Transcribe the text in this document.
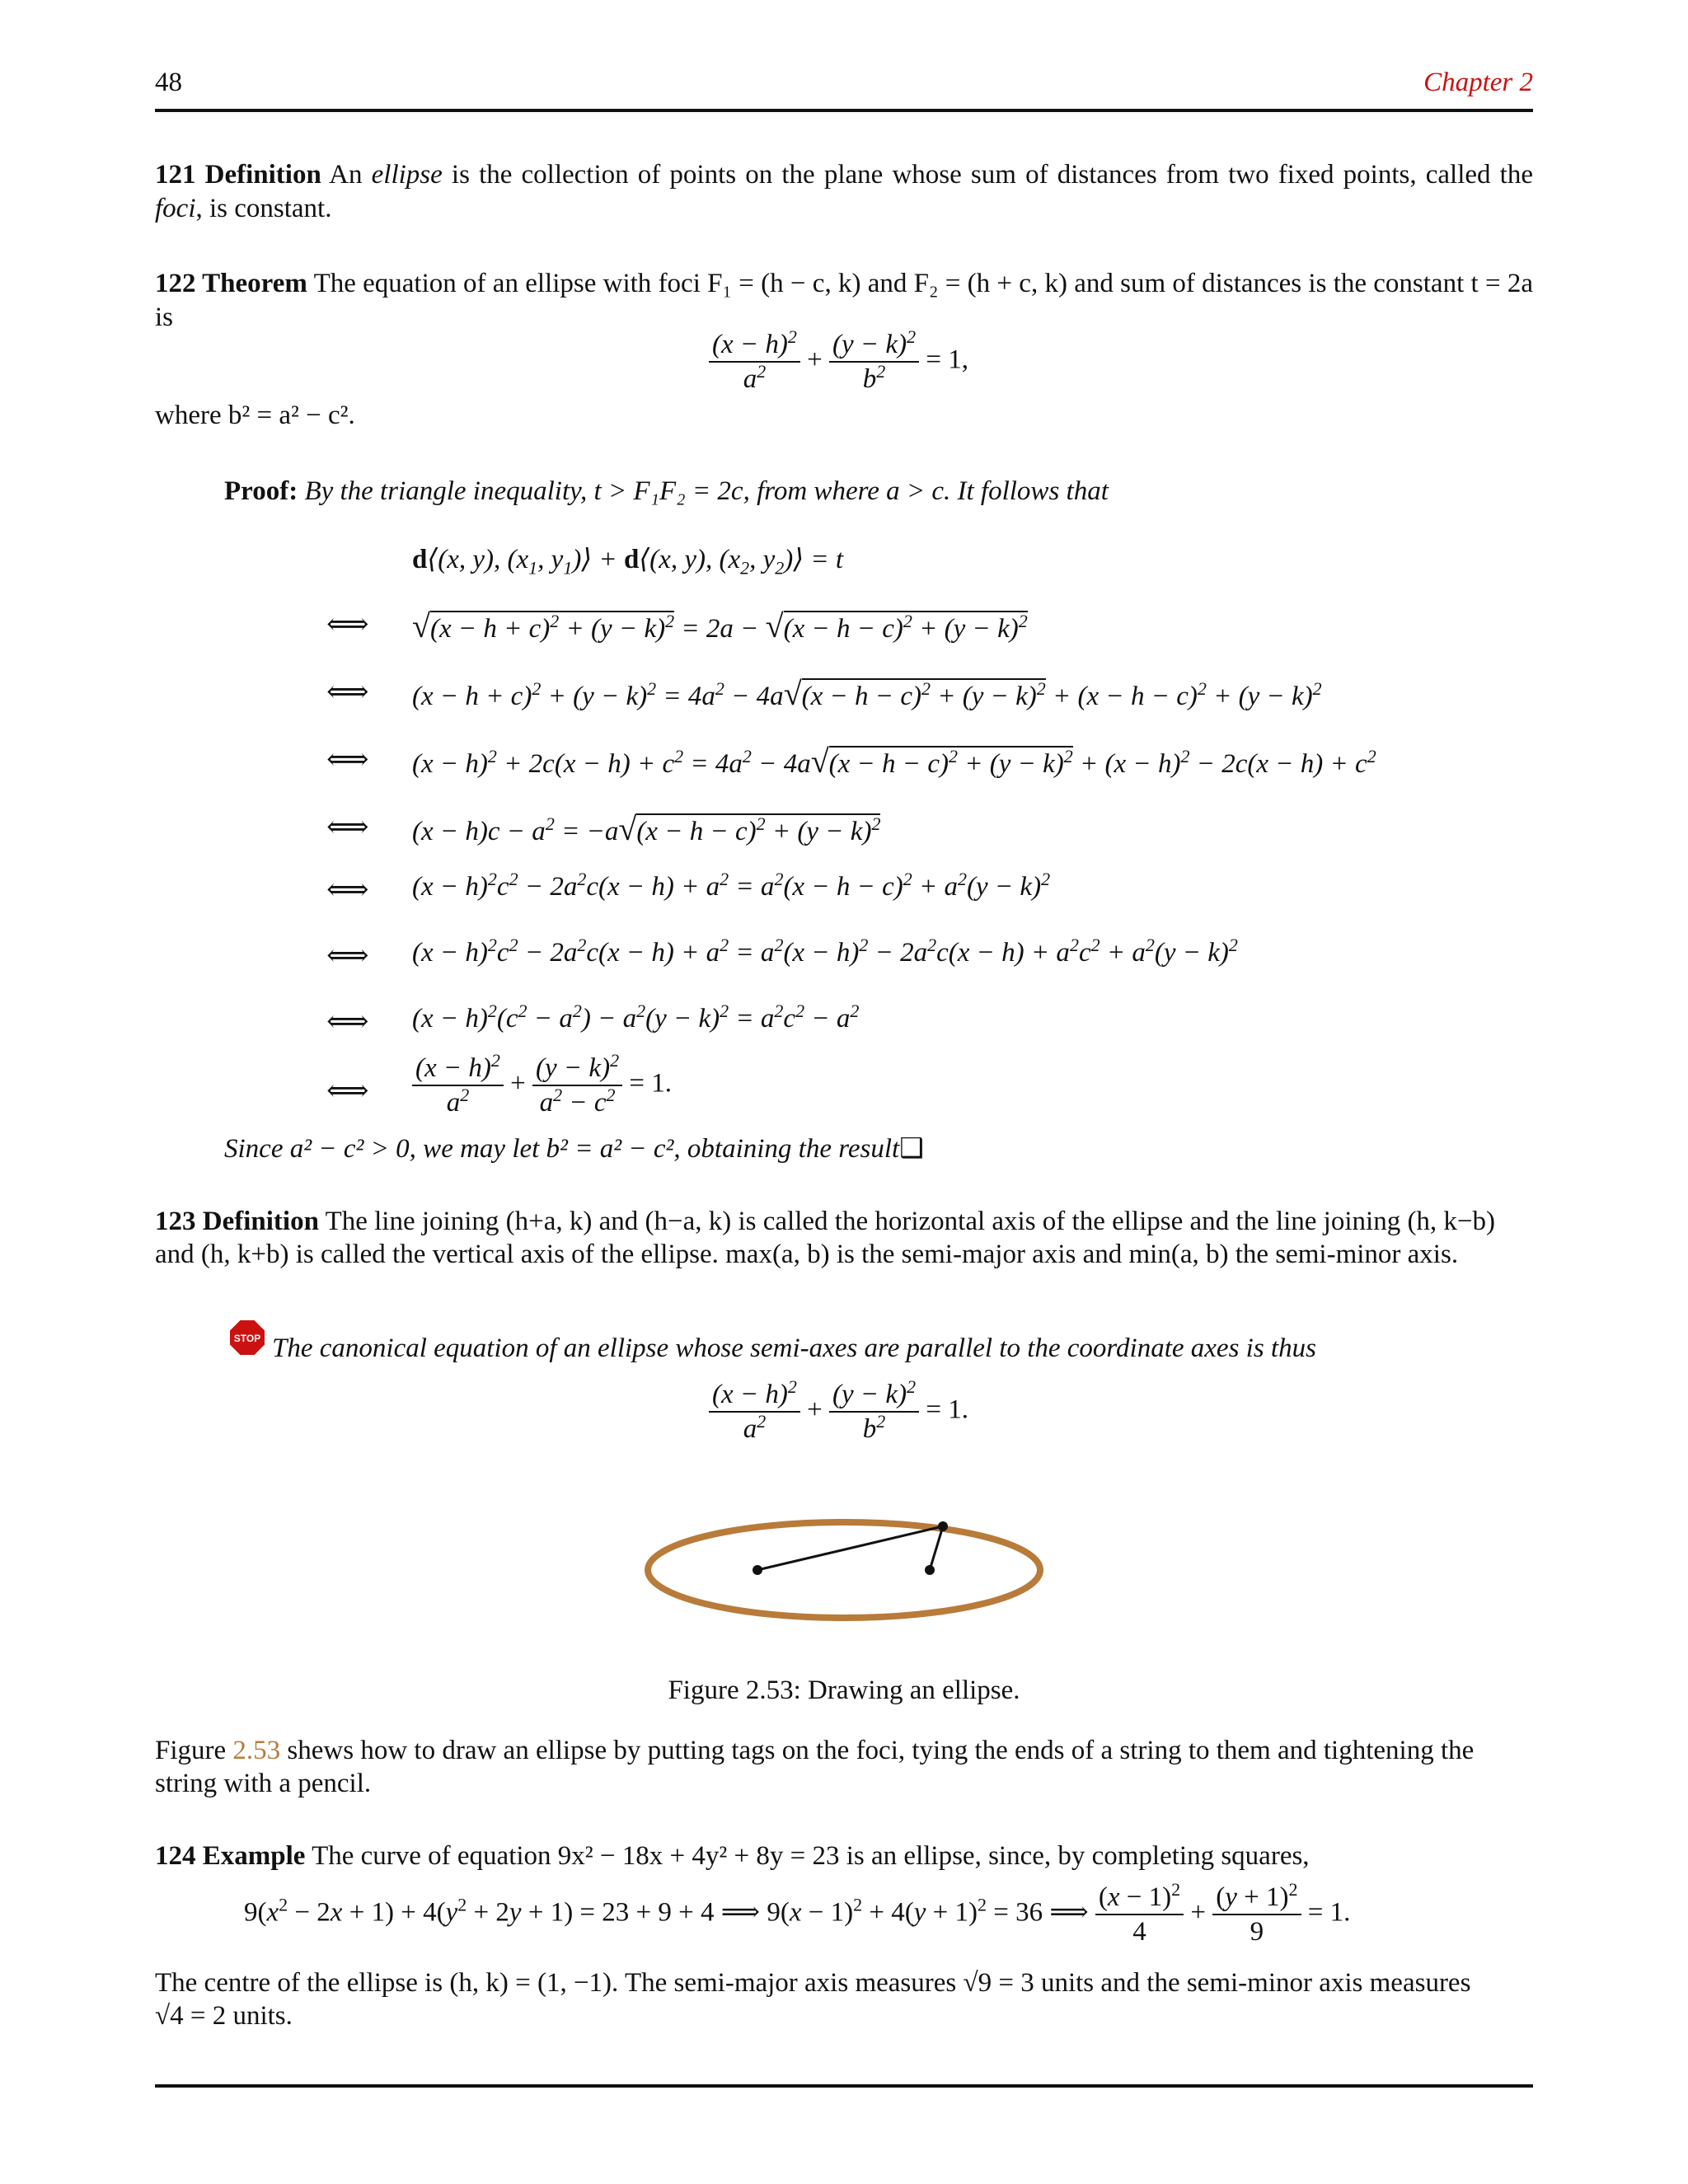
48	Chapter 2
121 Definition An ellipse is the collection of points on the plane whose sum of distances from two fixed points, called the foci, is constant.
122 Theorem The equation of an ellipse with foci F₁ = (h − c, k) and F₂ = (h + c, k) and sum of distances is the constant t = 2a is
$\frac{(x - h)^2}{a^2} + \frac{(y - k)^2}{b^2} = 1$,
where b² = a² − c².
Proof: By the triangle inequality, t > F₁F₂ = 2c, from where a > c. It follows that
d⟨(x, y), ($x_1$, $y_1)⟩$ + d⟨(x, y), ($x_2$, $y_2)⟩ = t$
⟺ $√(x - h + c)^2 + (y - k)^2 = 2a - √(x - h - c)^2 + (y - k)^2$
⟺ $(x - h + c)^2 + (y - k)^2 = 4a^2 - 4a√(x - h - c)^2 + (y - k)^2 + (x - h - c)^2 + (y - k)^2$
⟺ $(x - h)^2 + 2c(x - h) + c^2 = 4a^2 - 4a√(x - h - c)^2 + (y - k)^2 + (x - h)^2 - 2c(x - h) + c^2$
⟺ $(x - h)c - a^2 = -a√(x - h - c)^2 + (y - k)^2$
⟺ $(x - h)^2c^2 - 2a^2c(x - h) + a^2 = a^2(x - h - c)^2 + a^2(y - k)^2$
⟺ $(x - h)^2c^2 - 2a^2c(x - h) + a^2 = a^2(x - h)^2 - 2a^2c(x - h) + a^2c^2 + a^2(y - k)^2$
⟺ $(x - h)^2(c^2 - a^2) - a^2(y - k)^2 = a^2c^2 - a^2$
⟺ $\frac{(x - h)^2}{a^2} + \frac{(y - k)^2}{a^2 - c^2} = 1$.
Since a² − c² > 0, we may let b² = a² − c², obtaining the result❑
123 Definition The line joining (h+a, k) and (h−a, k) is called the horizontal axis of the ellipse and the line joining (h, k−b)
and (h, k+b) is called the vertical axis of the ellipse. max(a, b) is the semi-major axis and min(a, b) the semi-minor axis.
STOP The canonical equation of an ellipse whose semi-axes are parallel to the coordinate axes is thus
$\frac{(x - h)^2}{a^2} + \frac{(y - k)^2}{b^2} = 1$.
Figure 2.53: Drawing an ellipse.
Figure 2.53 shews how to draw an ellipse by putting tags on the foci, tying the ends of a string to them and tightening the
string with a pencil.
124 Example The curve of equation 9x² − 18x + 4y² + 8y = 23 is an ellipse, since, by completing squares,
$9(x^2 - 2x + 1) + 4(y^2 + 2y + 1) = 23 + 9 + 4$ ⟹ $9(x - 1)^2 + 4(y + 1)^2 = 36$ ⟹ $\frac{(x - 1)^2}{4} + \frac{(y + 1)^2}{9} = 1$.
The centre of the ellipse is (h, k) = (1, −1). The semi-major axis measures √9 = 3 units and the semi-minor axis measures
√4 = 2 units.
